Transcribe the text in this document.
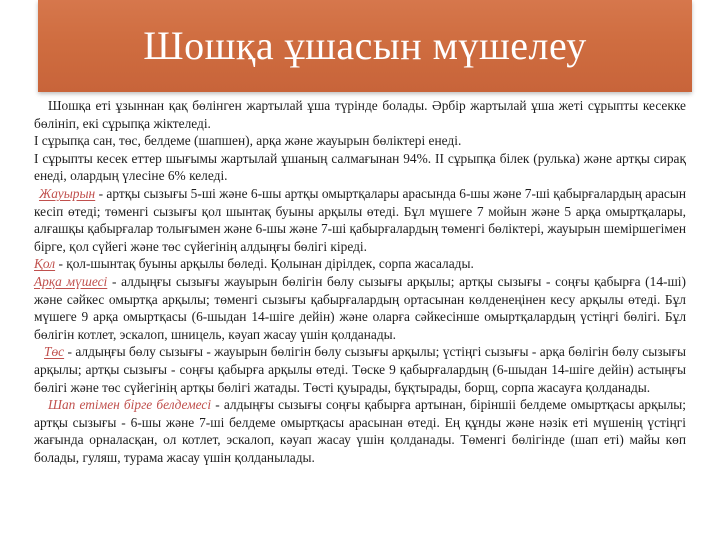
Шошқа ұшасын мүшелеу

Шошқа еті ұзыннан қақ бөлінген жартылай ұша түрінде болады. Әрбір жартылай ұша жеті сұрыпты кесекке бөлініп, екі сұрыпқа жіктеледі.

I сұрыпқа сан, төс, белдеме (шапшен), арқа және жауырын бөліктері енеді.

I сұрыпты кесек еттер шығымы жартылай ұшаның салмағынан 94%. II сұрыпқа білек (рулька) және артқы сирақ енеді, олардың үлесіне 6% келеді.

Жауырын - артқы сызығы 5-ші және 6-шы артқы омыртқалары арасында 6-шы және 7-ші қабырғалардың арасын кесіп өтеді; төменгі сызығы қол шынтақ буыны арқылы өтеді. Бұл мүшеге 7 мойын және 5 арқа омыртқалары, алғашқы қабырғалар толығымен және 6-шы және 7-ші қабырғалардың төменгі бөліктері, жауырын шеміршегімен бірге, қол сүйегі және төс сүйегінің алдыңғы бөлігі кіреді.

Қол - қол-шынтақ буыны арқылы бөледі. Қолынан дірілдек, сорпа жасалады.

Арқа мүшесі - алдыңғы сызығы жауырын бөлігін бөлу сызығы арқылы; артқы сызығы - соңғы қабырға (14-ші) және сәйкес омыртқа арқылы; төменгі сызығы қабырғалардың ортасынан көлденеңінен кесу арқылы өтеді. Бұл мүшеге 9 арқа омыртқасы (6-шыдан 14-шіге дейін) және оларға сәйкесінше омыртқалардың үстіңгі бөлігі. Бұл бөлігін котлет, эскалоп, шницель, кәуап жасау үшін қолданады.

Төс - алдыңғы бөлу сызығы - жауырын бөлігін бөлу сызығы арқылы; үстіңгі сызығы - арқа бөлігін бөлу сызығы арқылы; артқы сызығы - соңғы қабырға арқылы өтеді. Төске 9 қабырғалардың (6-шыдан 14-шіге дейін) астыңғы бөлігі және төс сүйегінің артқы бөлігі жатады. Төсті қуырады, бұқтырады, борщ, сорпа жасауға қолданады.

Шап етімен бірге белдемесі - алдыңғы сызығы соңғы қабырға артынан, біріншіі белдеме омыртқасы арқылы; артқы сызығы - 6-шы және 7-ші белдеме омыртқасы арасынан өтеді. Ең құнды және нәзік еті мүшенің үстіңгі жағында орналасқан, ол котлет, эскалоп, кәуап жасау үшін қолданады. Төменгі бөлігінде (шап еті) майы көп болады, гуляш, турама жасау үшін қолданылады.
